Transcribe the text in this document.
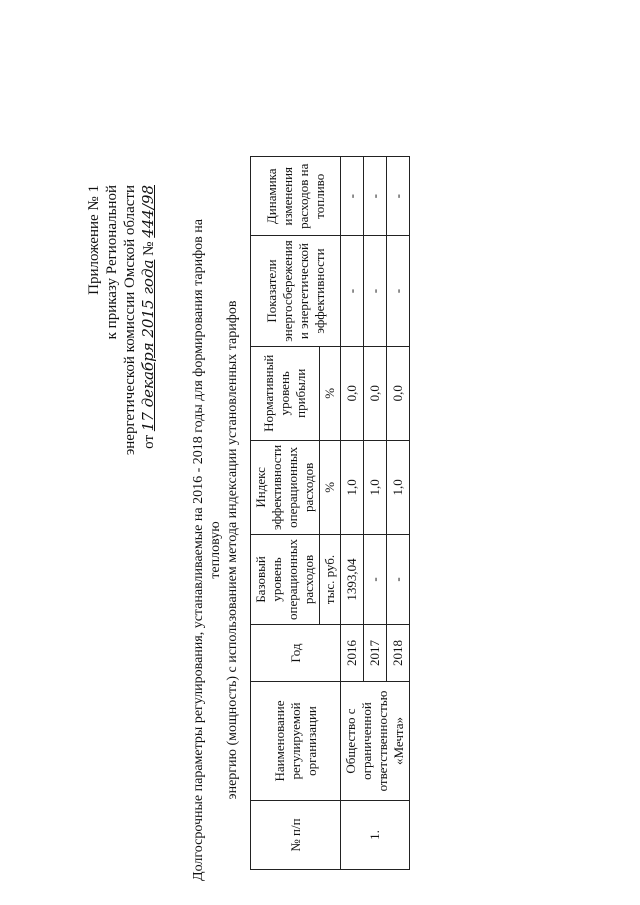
Приложение № 1 к приказу Региональной энергетической комиссии Омской области от 17 декабря 2015 года № 444/98
Долгосрочные параметры регулирования, устанавливаемые на 2016 - 2018 годы для формирования тарифов на тепловую энергию (мощность) с использованием метода индексации установленных тарифов
№ п/п	Наименование регулируемой организации	Год	Базовый уровень операционных расходов	Индекс эффективности операционных расходов	Нормативный уровень прибыли	Показатели энергосбережения и энергетической эффективности	Динамика изменения расходов на топливо
			тыс. руб.	%	%		
1.	Общество с ограниченной ответственностью «Мечта»	2016	1393,04	1,0	0,0	-	-
		2017	-	1,0	0,0	-	-
		2018	-	1,0	0,0	-	-
